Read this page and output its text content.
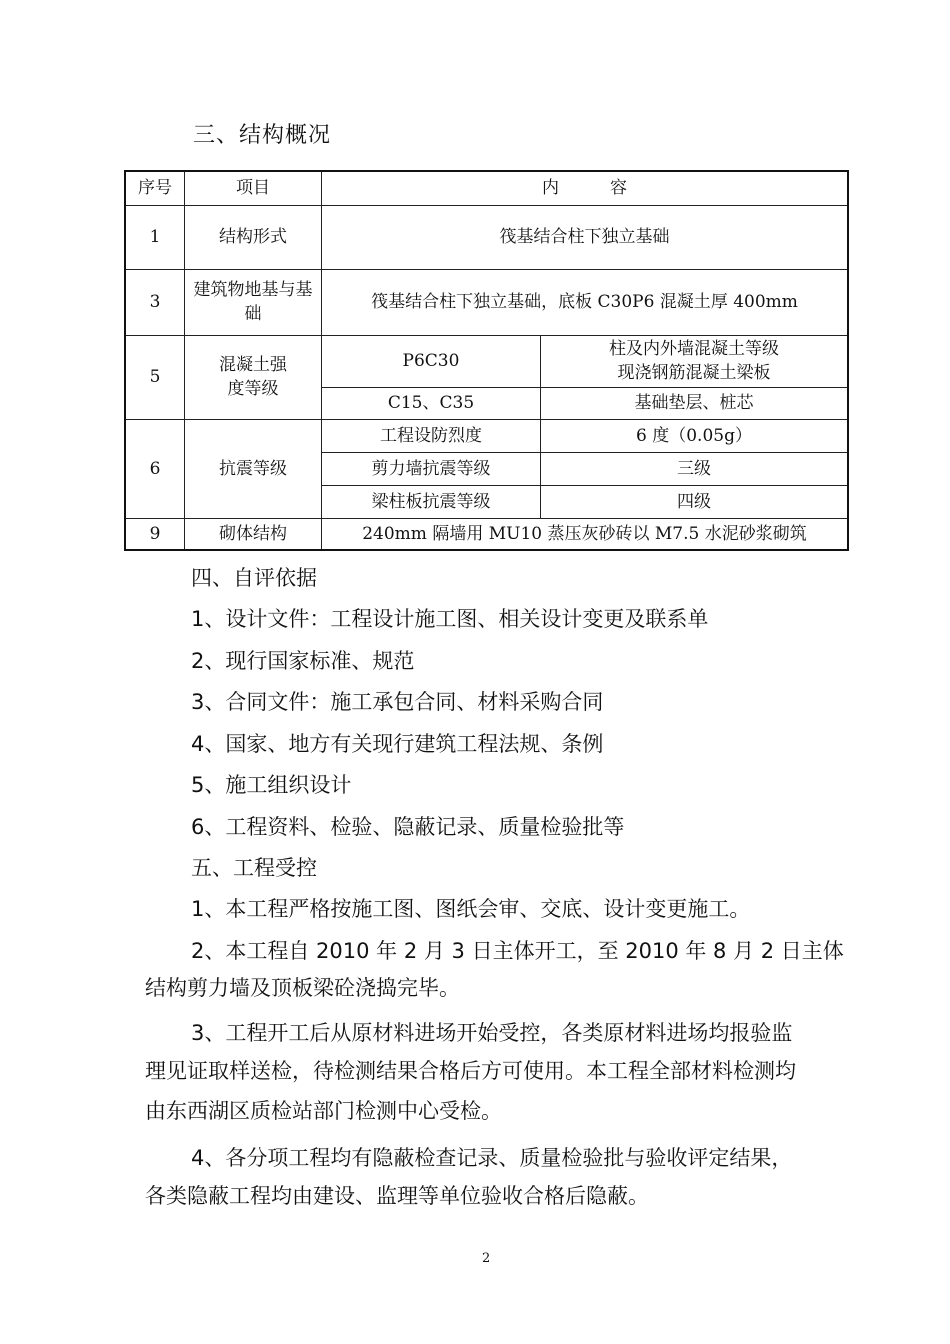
三、结构概况
序号	项目	内　　　容	
1	结构形式	筏基结合柱下独立基础	
3	建筑物地基与基础	筏基结合柱下独立基础，底板 C30P6 混凝土厚 400mm	
5	混凝土强度等级	P6C30	柱及内外墙混凝土等级
现浇钢筋混凝土梁板

		C15、C35	基础垫层、桩芯
6	抗震等级	工程设防烈度	6 度（0.05g）
		剪力墙抗震等级	三级
		梁柱板抗震等级	四级
9	砌体结构	240mm 隔墙用 MU10 蒸压灰砂砖以 M7.5 水泥砂浆砌筑	
四、自评依据
1、设计文件：工程设计施工图、相关设计变更及联系单
2、现行国家标准、规范
3、合同文件：施工承包合同、材料采购合同
4、国家、地方有关现行建筑工程法规、条例
5、施工组织设计
6、工程资料、检验、隐蔽记录、质量检验批等
五、工程受控
1、本工程严格按施工图、图纸会审、交底、设计变更施工。
2、本工程自 2010 年 2 月 3 日主体开工，至 2010 年 8 月 2 日主体
结构剪力墙及顶板梁砼浇捣完毕。
3、工程开工后从原材料进场开始受控，各类原材料进场均报验监
理见证取样送检，待检测结果合格后方可使用。本工程全部材料检测均
由东西湖区质检站部门检测中心受检。
4、各分项工程均有隐蔽检查记录、质量检验批与验收评定结果，
各类隐蔽工程均由建设、监理等单位验收合格后隐蔽。
2
